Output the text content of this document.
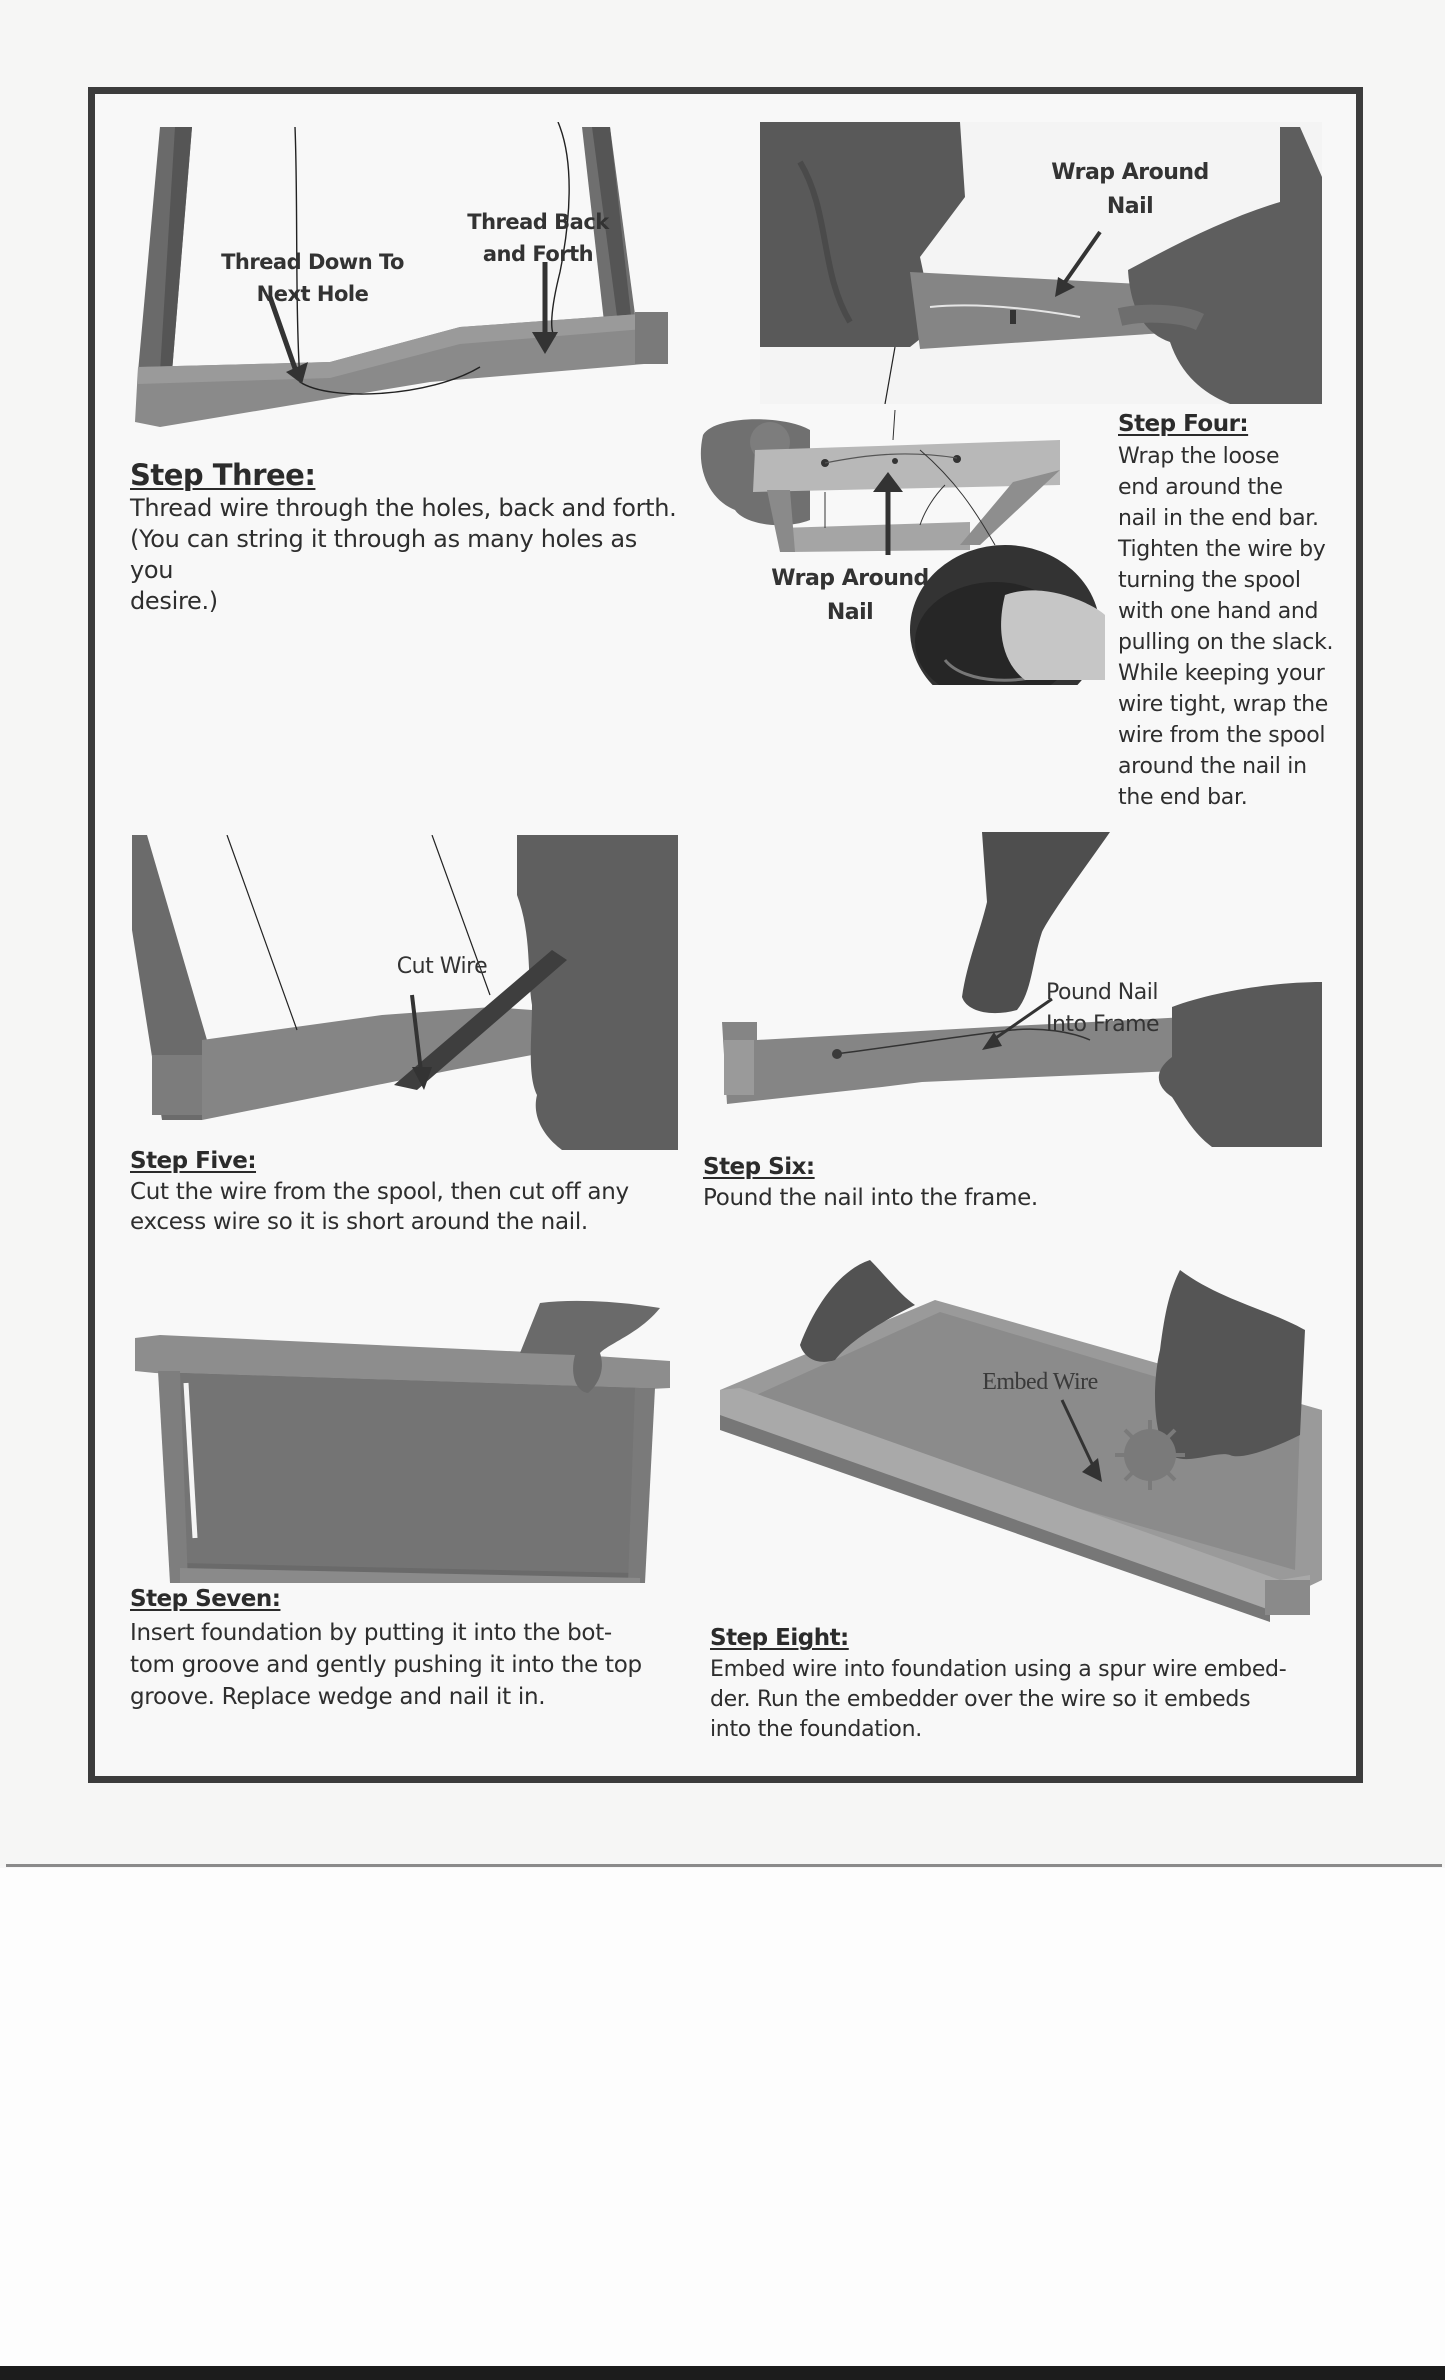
Thread Down To
Next Hole
Thread Back
and Forth
Step Three:
Thread wire through the holes, back and forth.
(You can string it through as many holes as you
desire.)
Wrap Around
Nail
Wrap Around
Nail
Step Four:
Wrap the loose
end around the
nail in the end bar.
Tighten the wire by
turning the spool
with one hand and
pulling on the slack.
While keeping your
wire tight, wrap the
wire from the spool
around the nail in
the end bar.
Cut Wire
Step Five:
Cut the wire from the spool, then cut off any
excess wire so it is short around the nail.
Pound Nail
Into Frame
Step Six:
Pound the nail into the frame.
Step Seven:
Insert foundation by putting it into the bot-
tom groove and gently pushing it into the top
groove. Replace wedge and nail it in.
Embed Wire
Step Eight:
Embed wire into foundation using a spur wire embed-
der. Run the embedder over the wire so it embeds
into the foundation.
